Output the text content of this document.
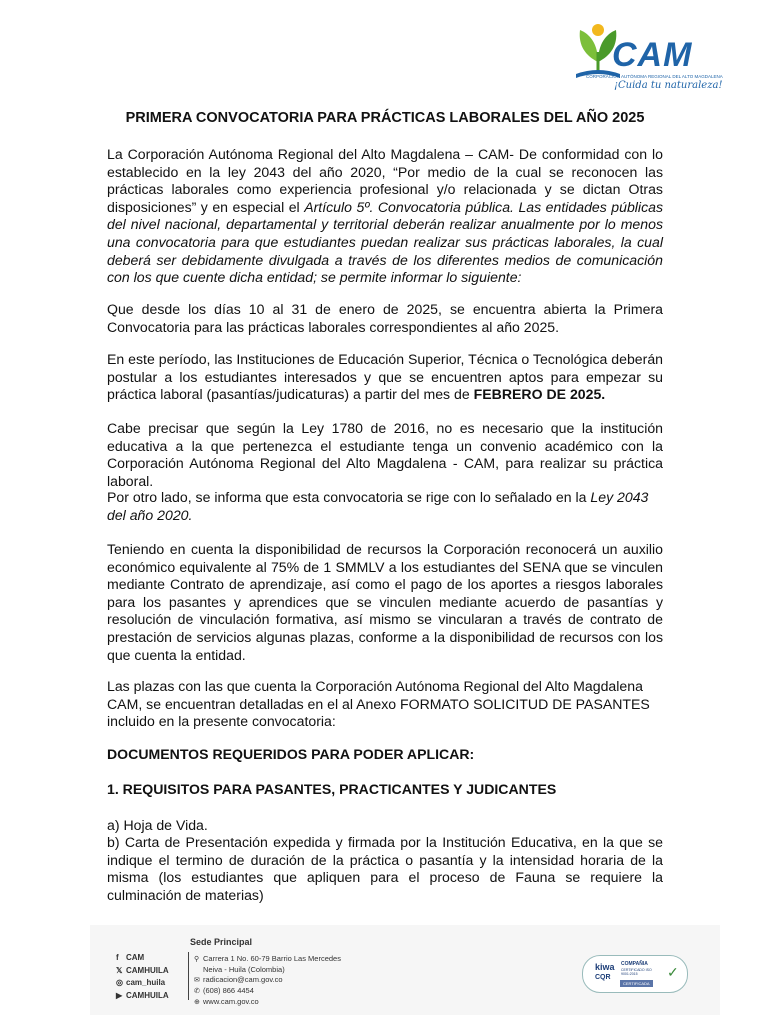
CAM
CORPORACIÓN AUTÓNOMA REGIONAL DEL ALTO MAGDALENA
¡Cuida tu naturaleza!
PRIMERA CONVOCATORIA PARA PRÁCTICAS LABORALES DEL AÑO 2025
La Corporación Autónoma Regional del Alto Magdalena – CAM- De conformidad con lo establecido en la ley 2043 del año 2020, “Por medio de la cual se reconocen las prácticas laborales como experiencia profesional y/o relacionada y se dictan Otras disposiciones” y en especial el Artículo 5º. Convocatoria pública. Las entidades públicas del nivel nacional, departamental y territorial deberán realizar anualmente por lo menos una convocatoria para que estudiantes puedan realizar sus prácticas laborales, la cual deberá ser debidamente divulgada a través de los diferentes medios de comunicación con los que cuente dicha entidad; se permite informar lo siguiente:
Que desde los días 10 al 31 de enero de 2025, se encuentra abierta la Primera Convocatoria para las prácticas laborales correspondientes al año 2025.
En este período, las Instituciones de Educación Superior, Técnica o Tecnológica deberán postular a los estudiantes interesados y que se encuentren aptos para empezar su práctica laboral (pasantías/judicaturas) a partir del mes de FEBRERO DE 2025.
Cabe precisar que según la Ley 1780 de 2016, no es necesario que la institución educativa a la que pertenezca el estudiante tenga un convenio académico con la Corporación Autónoma Regional del Alto Magdalena - CAM, para realizar su práctica laboral.
Por otro lado, se informa que esta convocatoria se rige con lo señalado en la Ley 2043 del año 2020.
Teniendo en cuenta la disponibilidad de recursos la Corporación reconocerá un auxilio económico equivalente al 75% de 1 SMMLV a los estudiantes del SENA que se vinculen mediante Contrato de aprendizaje, así como el pago de los aportes a riesgos laborales para los pasantes y aprendices que se vinculen mediante acuerdo de pasantías y resolución de vinculación formativa, así mismo se vincularan a través de contrato de prestación de servicios algunas plazas, conforme a la disponibilidad de recursos con los que cuenta la entidad.
Las plazas con las que cuenta la Corporación Autónoma Regional del Alto Magdalena CAM, se encuentran detalladas en el al Anexo FORMATO SOLICITUD DE PASANTES incluido en la presente convocatoria:
DOCUMENTOS REQUERIDOS PARA PODER APLICAR:
1. REQUISITOS PARA PASANTES, PRACTICANTES Y JUDICANTES
a) Hoja de Vida.
b) Carta de Presentación expedida y firmada por la Institución Educativa, en la que se indique el termino de duración de la práctica o pasantía y la intensidad horaria de la misma (los estudiantes que apliquen para el proceso de Fauna se requiere la culminación de materias)
f CAM
𝕏 CAMHUILA
◎ cam_huila
▶ CAMHUILA
Sede Principal
⚲ Carrera 1 No. 60-79 Barrio Las Mercedes
Neiva - Huila (Colombia)
✉ radicacion@cam.gov.co
✆ (608) 866 4454
⊕ www.cam.gov.co
kiwa
CQR
COMPAÑIA
CERTIFICADO ISO 9001:2015
CERTIFICADA
✓
